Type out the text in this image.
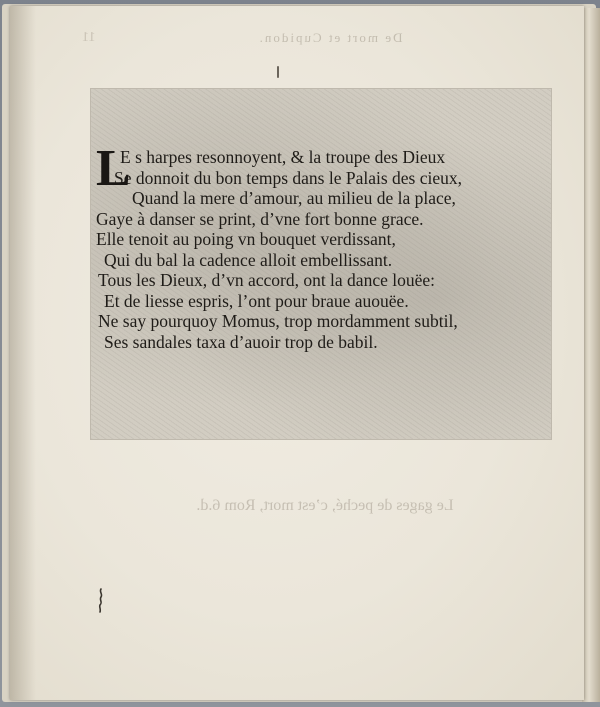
11	De mort et Cupidon.
L
E s harpes resonnoyent, & la troupe des Dieux
Se donnoit du bon temps dans le Palais des cieux,
Quand la mere d’amour, au milieu de la place,
Gaye à danser se print, d’vne fort bonne grace.
Elle tenoit au poing vn bouquet verdissant,
Qui du bal la cadence alloit embellissant.
Tous les Dieux, d’vn accord, ont la dance louëe:
Et de liesse espris, l’ont pour braue auouëe.
Ne say pourquoy Momus, trop mordamment subtil,
Ses sandales taxa d’auoir trop de babil.
Le gages de peché, c’est mort, Rom 6.d.
